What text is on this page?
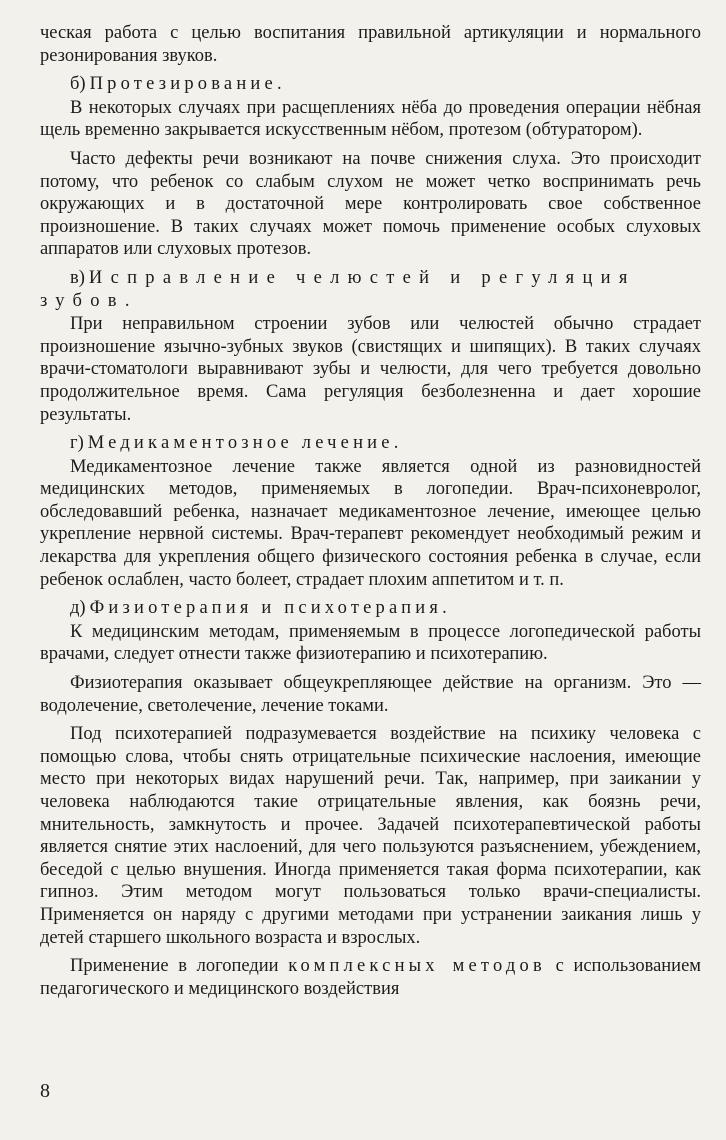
ческая работа с целью воспитания правильной артикуляции и нормального резонирования звуков.

б) Протезирование.

В некоторых случаях при расщеплениях нёба до проведения операции нёбная щель временно закрывается искусственным нёбом, протезом (обтуратором).

Часто дефекты речи возникают на почве снижения слуха. Это происходит потому, что ребенок со слабым слухом не может четко воспринимать речь окружающих и в достаточной мере контролировать свое собственное произношение. В таких случаях может помочь применение особых слуховых аппаратов или слуховых протезов.

в) Исправление челюстей и регуляция зубов.

При неправильном строении зубов или челюстей обычно страдает произношение язычно-зубных звуков (свистящих и шипящих). В таких случаях врачи-стоматологи выравнивают зубы и челюсти, для чего требуется довольно продолжительное время. Сама регуляция безболезненна и дает хорошие результаты.

г) Медикаментозное лечение.

Медикаментозное лечение также является одной из разновидностей медицинских методов, применяемых в логопедии. Врач-психоневролог, обследовавший ребенка, назначает медикаментозное лечение, имеющее целью укрепление нервной системы. Врач-терапевт рекомендует необходимый режим и лекарства для укрепления общего физического состояния ребенка в случае, если ребенок ослаблен, часто болеет, страдает плохим аппетитом и т. п.

д) Физиотерапия и психотерапия.

К медицинским методам, применяемым в процессе логопедической работы врачами, следует отнести также физиотерапию и психотерапию.

Физиотерапия оказывает общеукрепляющее действие на организм. Это — водолечение, светолечение, лечение токами.

Под психотерапией подразумевается воздействие на психику человека с помощью слова, чтобы снять отрицательные психические наслоения, имеющие место при некоторых видах нарушений речи. Так, например, при заикании у человека наблюдаются такие отрицательные явления, как боязнь речи, мнительность, замкнутость и прочее. Задачей психотерапевтической работы является снятие этих наслоений, для чего пользуются разъяснением, убеждением, беседой с целью внушения. Иногда применяется такая форма психотерапии, как гипноз. Этим методом могут пользоваться только врачи-специалисты. Применяется он наряду с другими методами при устранении заикания лишь у детей старшего школьного возраста и взрослых.

Применение в логопедии комплексных методов с использованием педагогического и медицинского воздействия

8
